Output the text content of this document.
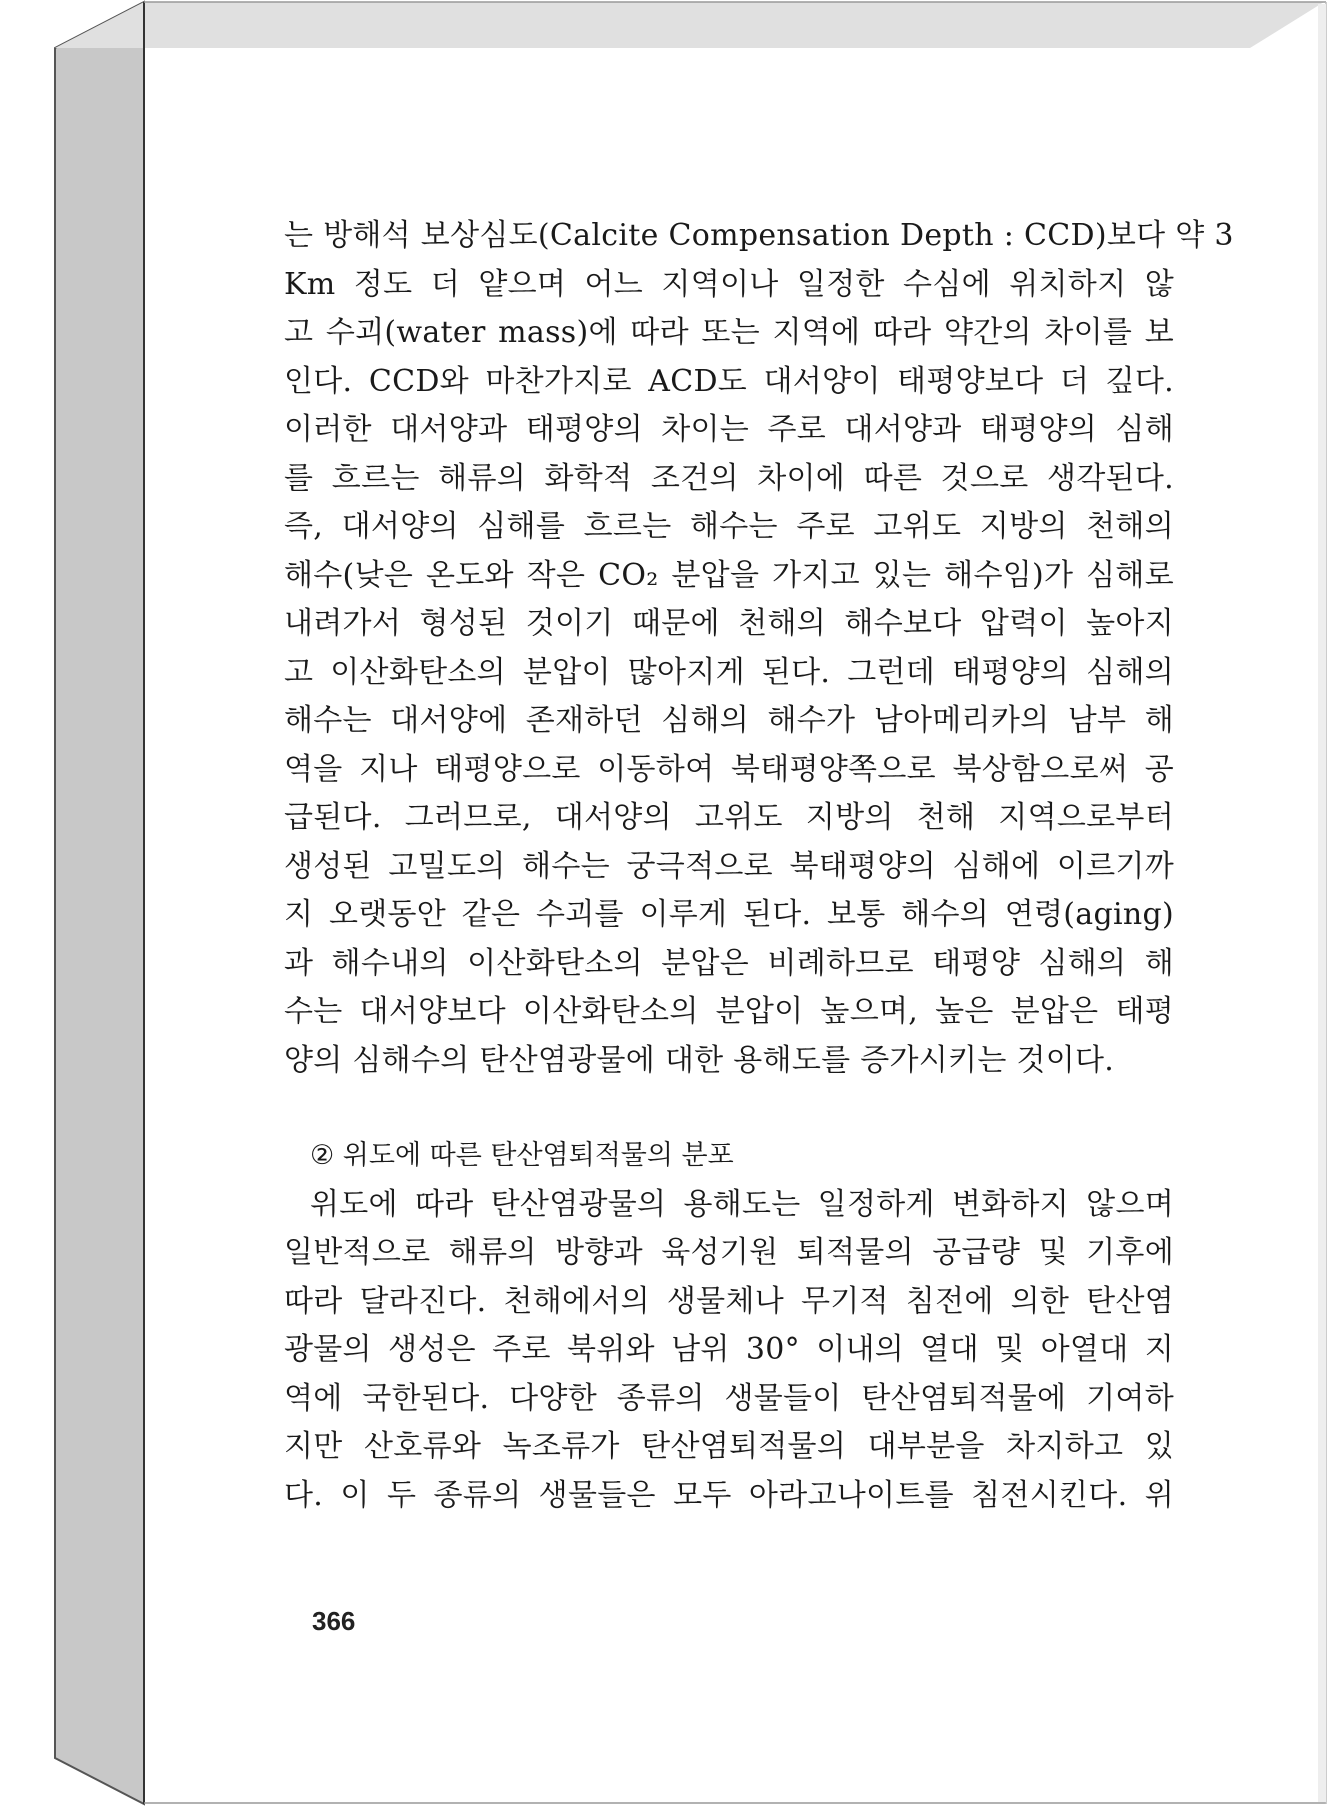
는 방해석 보상심도(Calcite Compensation Depth : CCD)보다 약 3
Km 정도 더 얕으며 어느 지역이나 일정한 수심에 위치하지 않
고 수괴(water mass)에 따라 또는 지역에 따라 약간의 차이를 보
인다. CCD와 마찬가지로 ACD도 대서양이 태평양보다 더 깊다.
이러한 대서양과 태평양의 차이는 주로 대서양과 태평양의 심해
를 흐르는 해류의 화학적 조건의 차이에 따른 것으로 생각된다.
즉, 대서양의 심해를 흐르는 해수는 주로 고위도 지방의 천해의
해수(낮은 온도와 작은 CO₂ 분압을 가지고 있는 해수임)가 심해로
내려가서 형성된 것이기 때문에 천해의 해수보다 압력이 높아지
고 이산화탄소의 분압이 많아지게 된다. 그런데 태평양의 심해의
해수는 대서양에 존재하던 심해의 해수가 남아메리카의 남부 해
역을 지나 태평양으로 이동하여 북태평양쪽으로 북상함으로써 공
급된다. 그러므로, 대서양의 고위도 지방의 천해 지역으로부터
생성된 고밀도의 해수는 궁극적으로 북태평양의 심해에 이르기까
지 오랫동안 같은 수괴를 이루게 된다. 보통 해수의 연령(aging)
과 해수내의 이산화탄소의 분압은 비례하므로 태평양 심해의 해
수는 대서양보다 이산화탄소의 분압이 높으며, 높은 분압은 태평
양의 심해수의 탄산염광물에 대한 용해도를 증가시키는 것이다.
② 위도에 따른 탄산염퇴적물의 분포
위도에 따라 탄산염광물의 용해도는 일정하게 변화하지 않으며
일반적으로 해류의 방향과 육성기원 퇴적물의 공급량 및 기후에
따라 달라진다. 천해에서의 생물체나 무기적 침전에 의한 탄산염
광물의 생성은 주로 북위와 남위 30° 이내의 열대 및 아열대 지
역에 국한된다. 다양한 종류의 생물들이 탄산염퇴적물에 기여하
지만 산호류와 녹조류가 탄산염퇴적물의 대부분을 차지하고 있
다. 이 두 종류의 생물들은 모두 아라고나이트를 침전시킨다. 위
366
